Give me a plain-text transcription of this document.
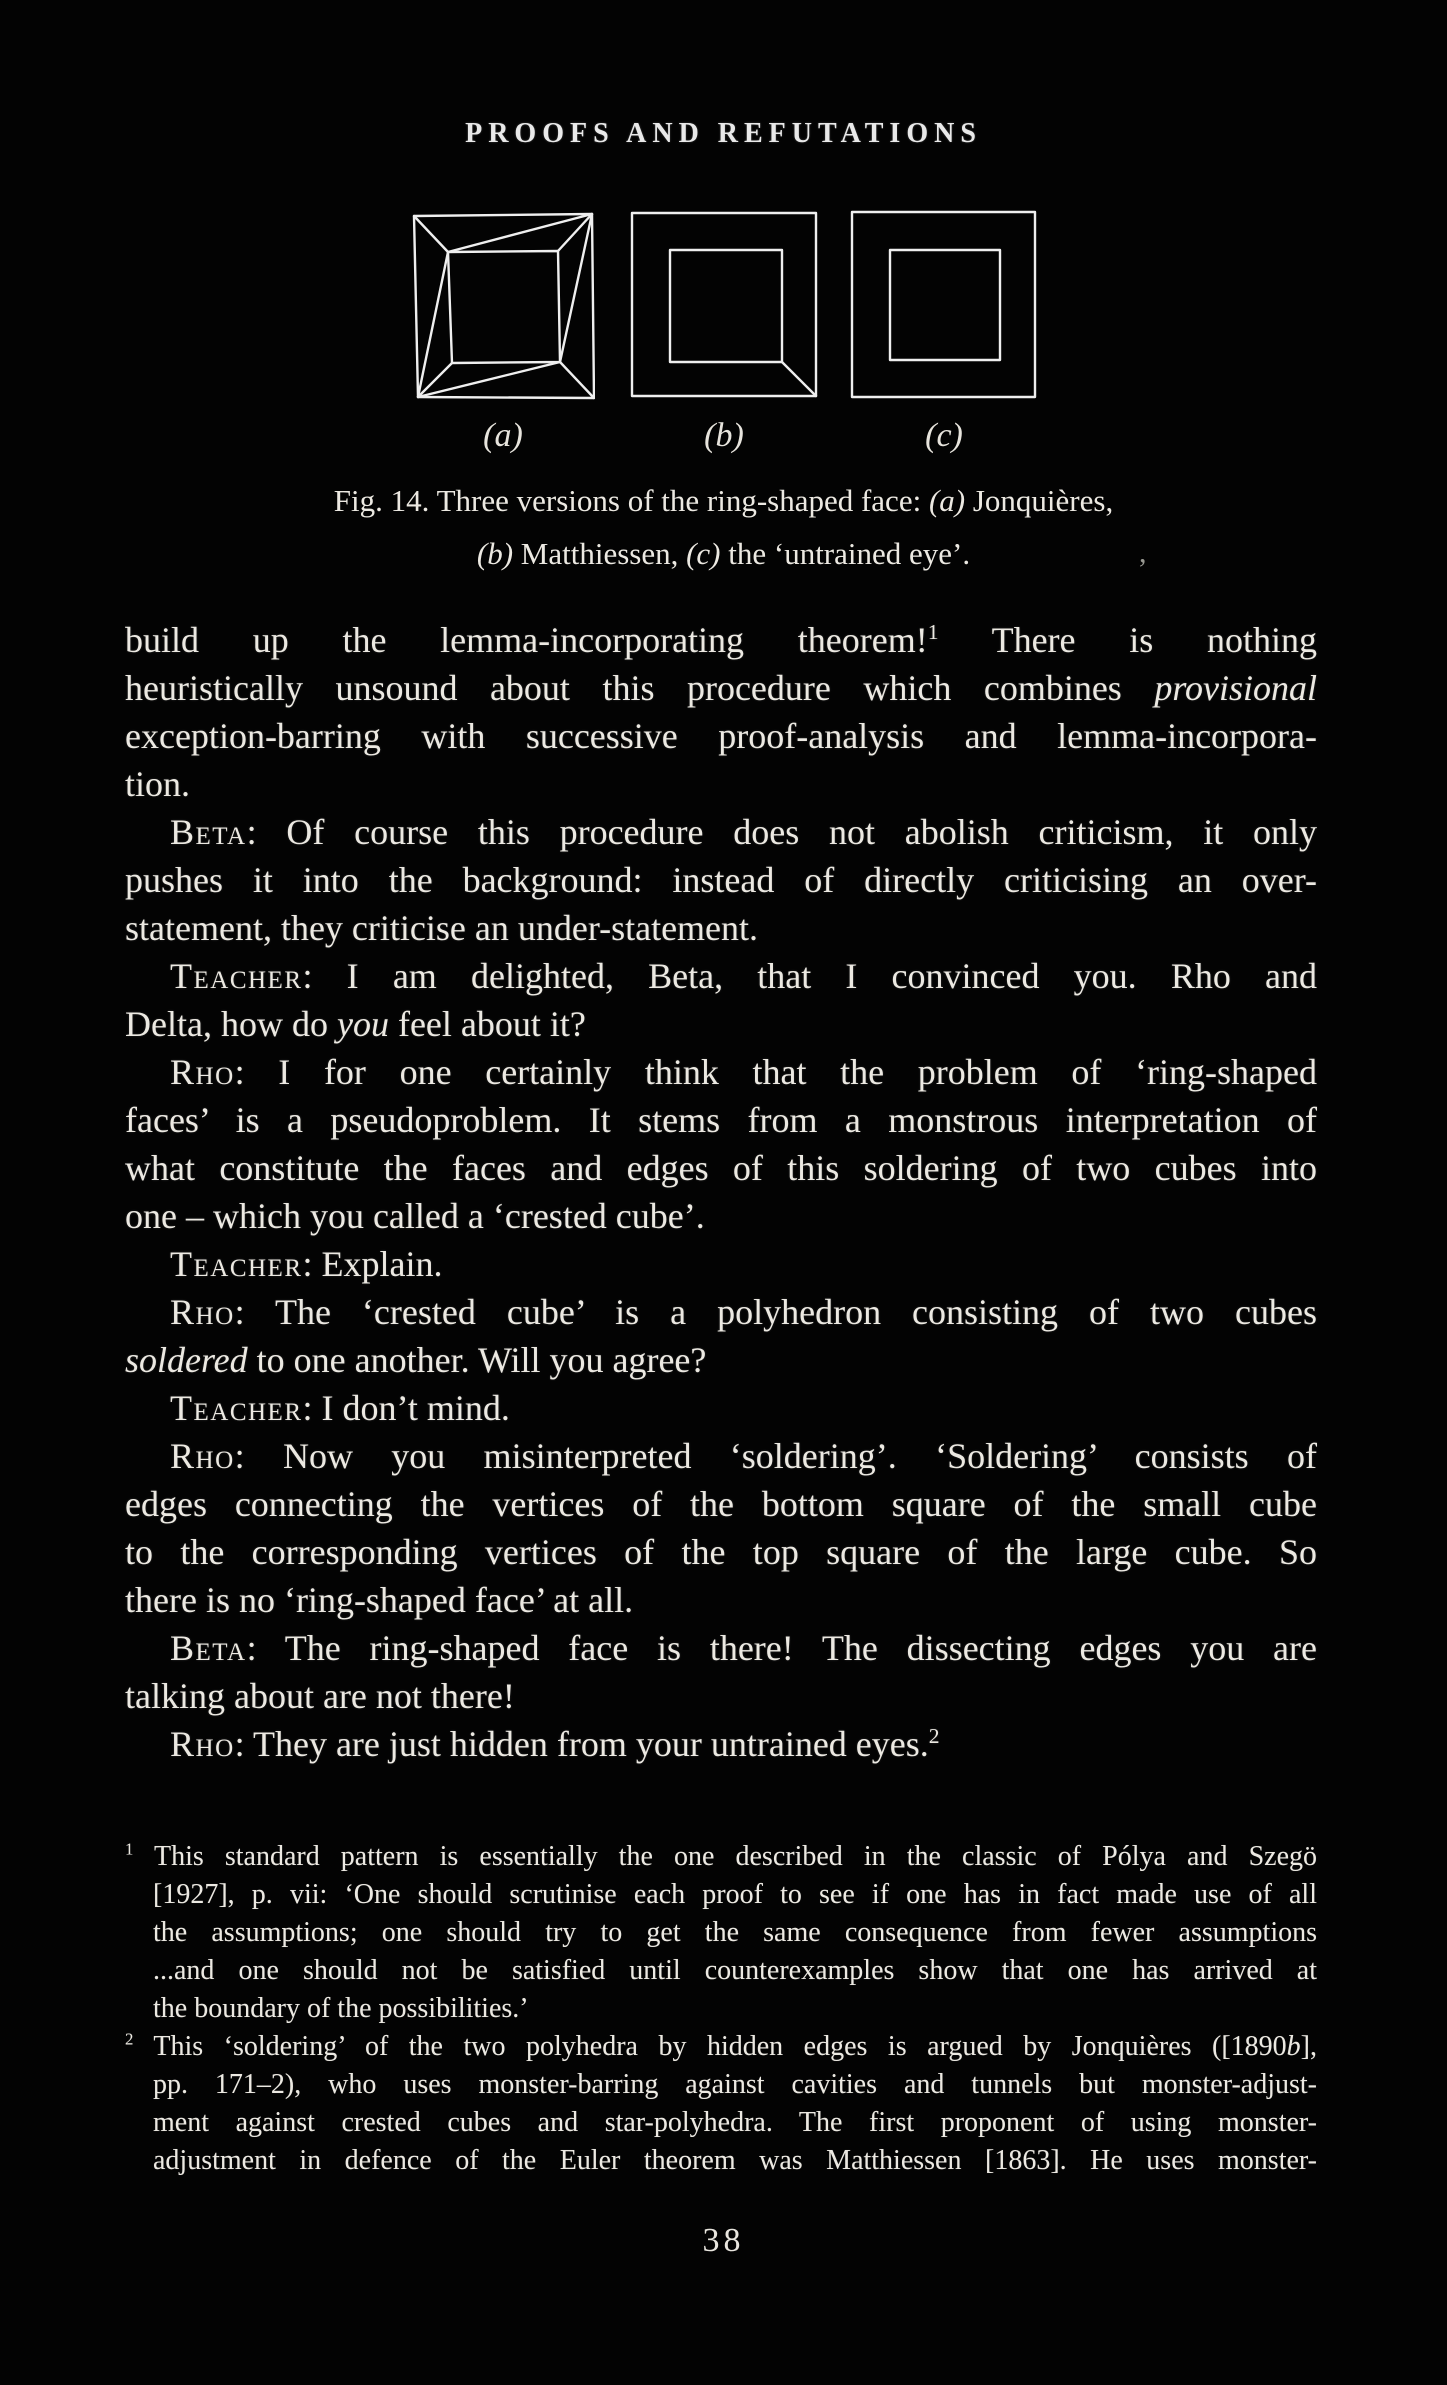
PROOFS AND REFUTATIONS
(a)	(b)	(c)
Fig. 14. Three versions of the ring-shaped face: (a) Jonquières,
(b) Matthiessen, (c) the ‘untrained eye’.	,
build up the lemma-incorporating theorem!$^1$ There is nothing
heuristically unsound about this procedure which combines provisional
exception-barring with successive proof-analysis and lemma-incorpora-
tion.
Beta: Of course this procedure does not abolish criticism, it only
pushes it into the background: instead of directly criticising an over-
statement, they criticise an under-statement.
Teacher: I am delighted, Beta, that I convinced you. Rho and
Delta, how do you feel about it?
Rho: I for one certainly think that the problem of ‘ring-shaped
faces’ is a pseudoproblem. It stems from a monstrous interpretation of
what constitute the faces and edges of this soldering of two cubes into
one – which you called a ‘crested cube’.
Teacher: Explain.
Rho: The ‘crested cube’ is a polyhedron consisting of two cubes
soldered to one another. Will you agree?
Teacher: I don’t mind.
Rho: Now you misinterpreted ‘soldering’. ‘Soldering’ consists of
edges connecting the vertices of the bottom square of the small cube
to the corresponding vertices of the top square of the large cube. So
there is no ‘ring-shaped face’ at all.
Beta: The ring-shaped face is there! The dissecting edges you are
talking about are not there!
Rho: They are just hidden from your untrained eyes.$^2$
$^1$ This standard pattern is essentially the one described in the classic of Pólya and Szegö
[1927], p. vii: ‘One should scrutinise each proof to see if one has in fact made use of all
the assumptions; one should try to get the same consequence from fewer assumptions
...and one should not be satisfied until counterexamples show that one has arrived at
the boundary of the possibilities.’
$^2$ This ‘soldering’ of the two polyhedra by hidden edges is argued by Jonquières ([1890b],
pp. 171–2), who uses monster-barring against cavities and tunnels but monster-adjust-
ment against crested cubes and star-polyhedra. The first proponent of using monster-
adjustment in defence of the Euler theorem was Matthiessen [1863]. He uses monster-
38
